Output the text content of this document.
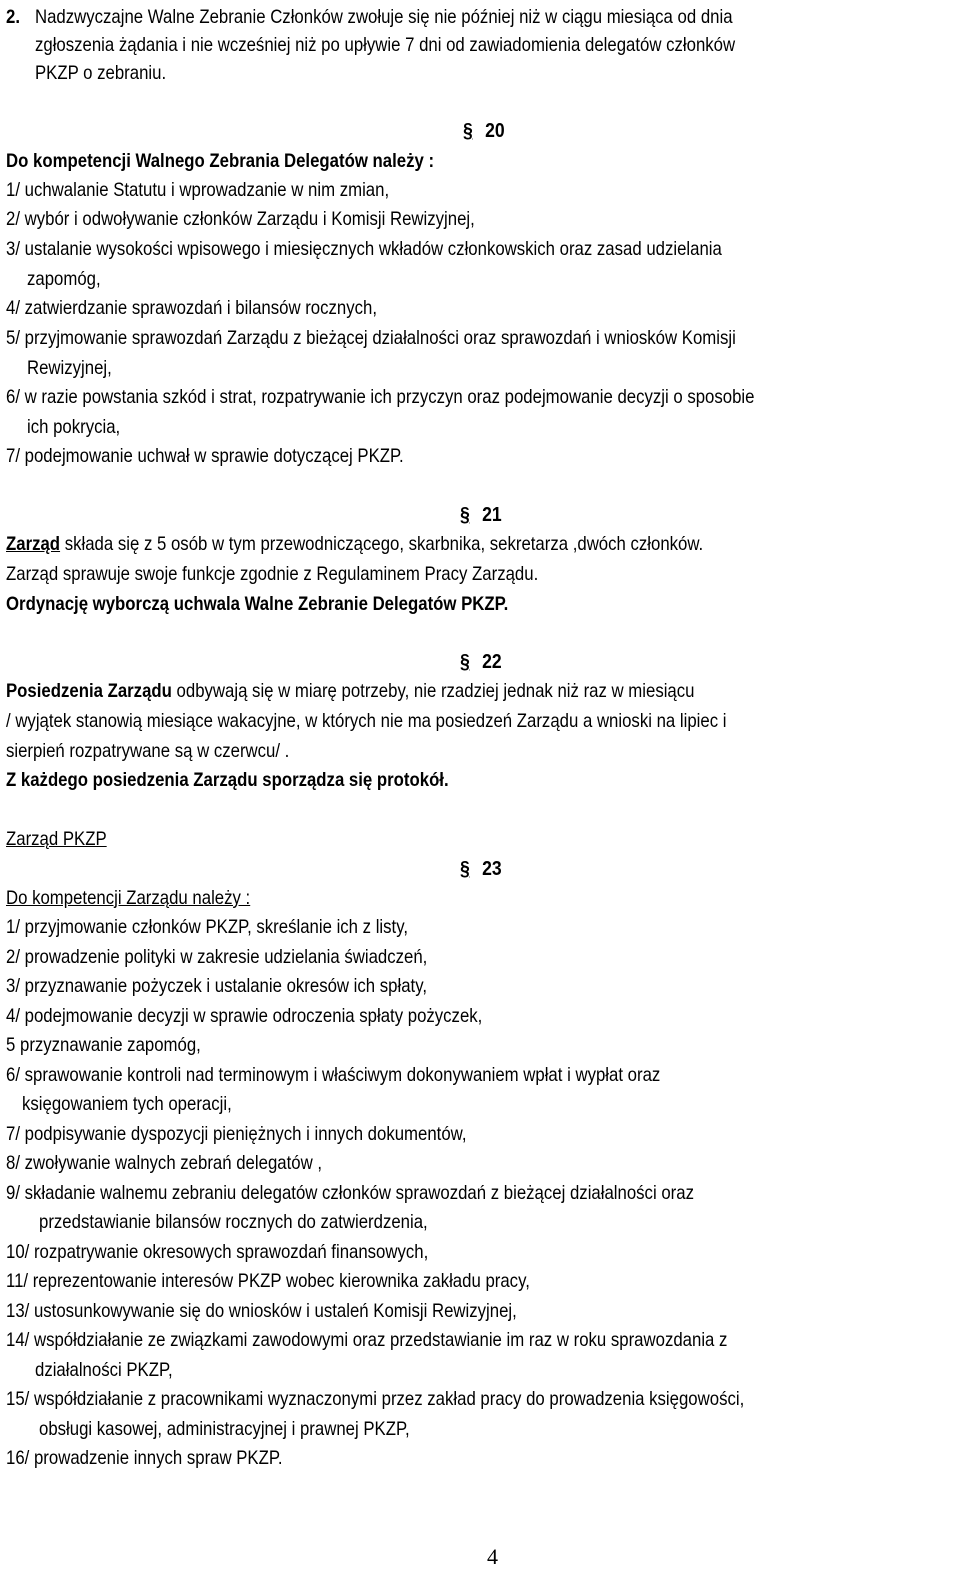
2. Nadzwyczajne Walne Zebranie Członków zwołuje się nie później niż w ciągu miesiąca od dnia
zgłoszenia żądania i nie wcześniej niż po upływie 7 dni od zawiadomienia delegatów członków
PKZP o zebraniu.
§ 20
Do kompetencji Walnego Zebrania Delegatów należy :
1/ uchwalanie Statutu i wprowadzanie w nim zmian,
2/ wybór i odwoływanie członków Zarządu i Komisji Rewizyjnej,
3/ ustalanie wysokości wpisowego i miesięcznych wkładów członkowskich oraz zasad udzielania
zapomóg,
4/ zatwierdzanie sprawozdań i bilansów rocznych,
5/ przyjmowanie sprawozdań Zarządu z bieżącej działalności oraz sprawozdań i wniosków Komisji
Rewizyjnej,
6/ w razie powstania szkód i strat, rozpatrywanie ich przyczyn oraz podejmowanie decyzji o sposobie
ich pokrycia,
7/ podejmowanie uchwał w sprawie dotyczącej PKZP.
§ 21
Zarząd składa się z 5 osób w tym przewodniczącego, skarbnika, sekretarza ,dwóch członków.
Zarząd sprawuje swoje funkcje zgodnie z Regulaminem Pracy Zarządu.
Ordynację wyborczą uchwala Walne Zebranie Delegatów PKZP.
§ 22
Posiedzenia Zarządu odbywają się w miarę potrzeby, nie rzadziej jednak niż raz w miesiącu
/ wyjątek stanowią miesiące wakacyjne, w których nie ma posiedzeń Zarządu a wnioski na lipiec i
sierpień rozpatrywane są w czerwcu/ .
Z każdego posiedzenia Zarządu sporządza się protokół.
Zarząd PKZP
§ 23
Do kompetencji Zarządu należy :
1/ przyjmowanie członków PKZP, skreślanie ich z listy,
2/ prowadzenie polityki w zakresie udzielania świadczeń,
3/ przyznawanie pożyczek i ustalanie okresów ich spłaty,
4/ podejmowanie decyzji w sprawie odroczenia spłaty pożyczek,
5 przyznawanie zapomóg,
6/ sprawowanie kontroli nad terminowym i właściwym dokonywaniem wpłat i wypłat oraz
księgowaniem tych operacji,
7/ podpisywanie dyspozycji pieniężnych i innych dokumentów,
8/ zwoływanie walnych zebrań delegatów ,
9/ składanie walnemu zebraniu delegatów członków sprawozdań z bieżącej działalności oraz
przedstawianie bilansów rocznych do zatwierdzenia,
10/ rozpatrywanie okresowych sprawozdań finansowych,
11/ reprezentowanie interesów PKZP wobec kierownika zakładu pracy,
13/ ustosunkowywanie się do wniosków i ustaleń Komisji Rewizyjnej,
14/ współdziałanie ze związkami zawodowymi oraz przedstawianie im raz w roku sprawozdania z
działalności PKZP,
15/ współdziałanie z pracownikami wyznaczonymi przez zakład pracy do prowadzenia księgowości,
obsługi kasowej, administracyjnej i prawnej PKZP,
16/ prowadzenie innych spraw PKZP.
4
